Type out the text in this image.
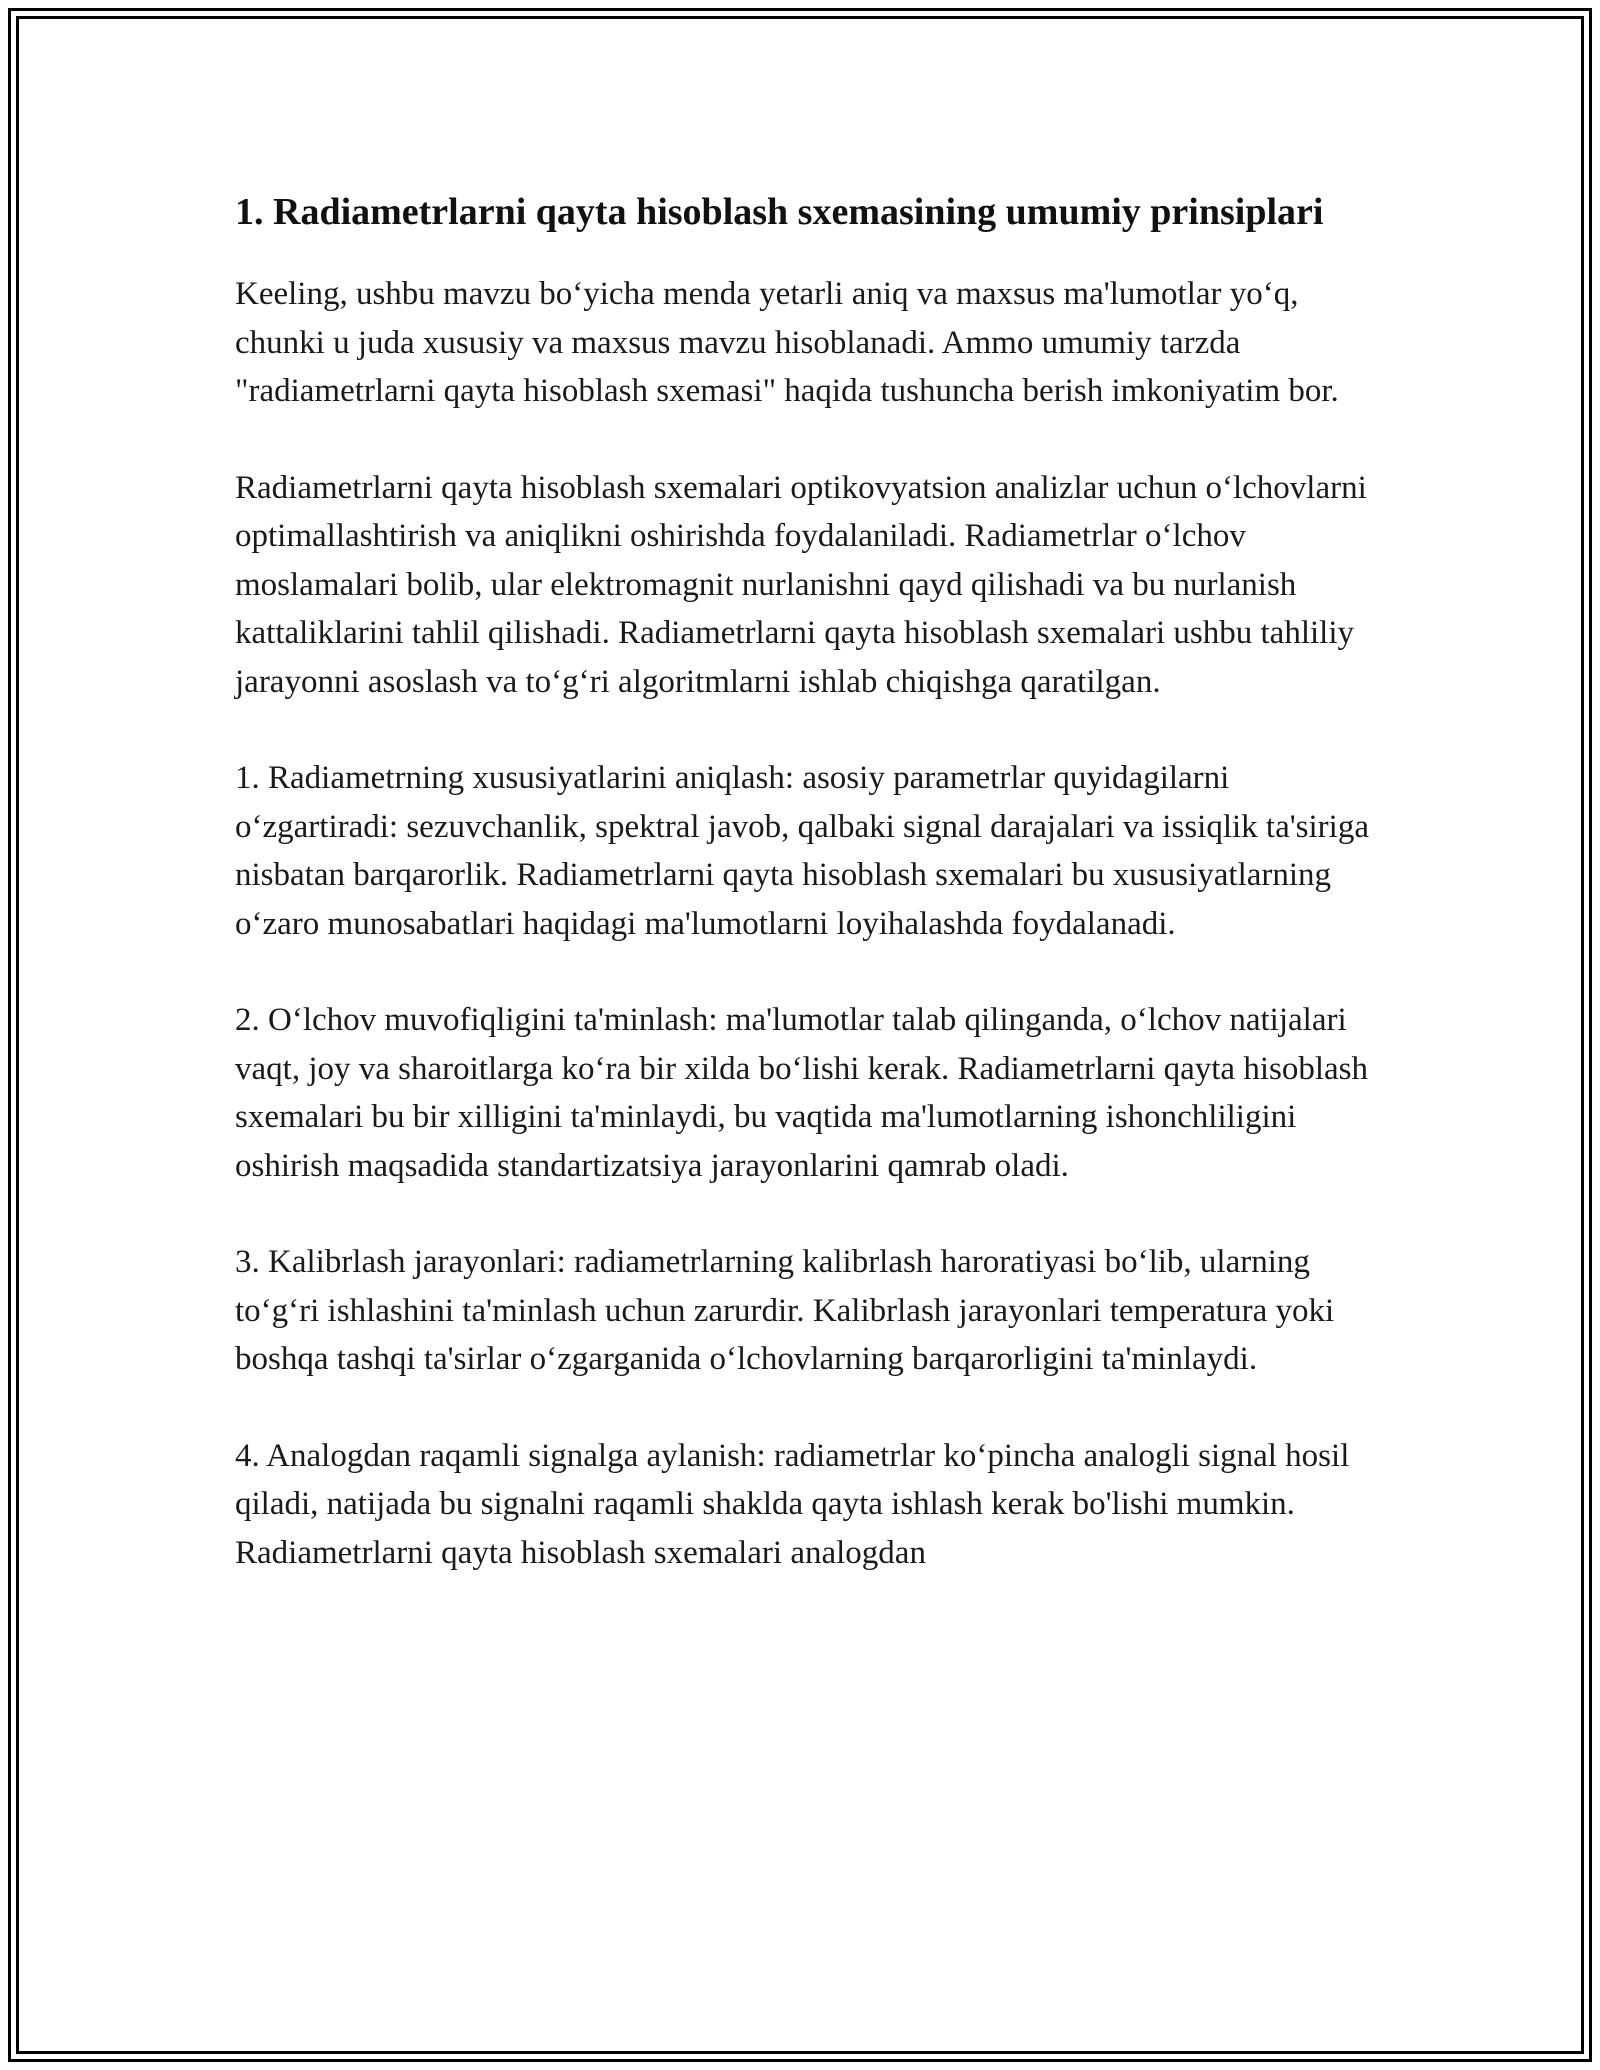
1. Radiametrlarni qayta hisoblash sxemasining umumiy prinsiplari

Keeling, ushbu mavzu bo‘yicha menda yetarli aniq va maxsus ma'lumotlar yo‘q, chunki u juda xususiy va maxsus mavzu hisoblanadi. Ammo umumiy tarzda "radiametrlarni qayta hisoblash sxemasi" haqida tushuncha berish imkoniyatim bor.

Radiametrlarni qayta hisoblash sxemalari optikovyatsion analizlar uchun o‘lchovlarni optimallashtirish va aniqlikni oshirishda foydalaniladi. Radiametrlar o‘lchov moslamalari bolib, ular elektromagnit nurlanishni qayd qilishadi va bu nurlanish kattaliklarini tahlil qilishadi. Radiametrlarni qayta hisoblash sxemalari ushbu tahliliy jarayonni asoslash va to‘g‘ri algoritmlarni ishlab chiqishga qaratilgan.

1. Radiametrning xususiyatlarini aniqlash: asosiy parametrlar quyidagilarni o‘zgartiradi: sezuvchanlik, spektral javob, qalbaki signal darajalari va issiqlik ta'siriga nisbatan barqarorlik. Radiametrlarni qayta hisoblash sxemalari bu xususiyatlarning o‘zaro munosabatlari haqidagi ma'lumotlarni loyihalashda foydalanadi.

2. O‘lchov muvofiqligini ta'minlash: ma'lumotlar talab qilinganda, o‘lchov natijalari vaqt, joy va sharoitlarga ko‘ra bir xilda bo‘lishi kerak. Radiametrlarni qayta hisoblash sxemalari bu bir xilligini ta'minlaydi, bu vaqtida ma'lumotlarning ishonchliligini oshirish maqsadida standartizatsiya jarayonlarini qamrab oladi.

3. Kalibrlash jarayonlari: radiametrlarning kalibrlash haroratiyasi bo‘lib, ularning to‘g‘ri ishlashini ta'minlash uchun zarurdir. Kalibrlash jarayonlari temperatura yoki boshqa tashqi ta'sirlar o‘zgarganida o‘lchovlarning barqarorligini ta'minlaydi.

4. Analogdan raqamli signalga aylanish: radiametrlar ko‘pincha analogli signal hosil qiladi, natijada bu signalni raqamli shaklda qayta ishlash kerak bo'lishi mumkin. Radiametrlarni qayta hisoblash sxemalari analogdan
